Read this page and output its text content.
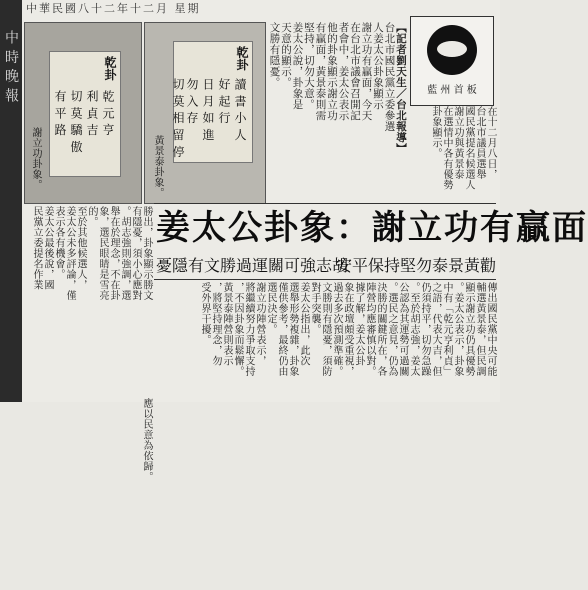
中 時 晚 報
中華民國八十二年十二月 星期
乾卦
乾 元 亨
利 貞 吉
切 莫 驕 傲
有 平 路
謝立功卦象。
乾卦
讀 書 小 人
好 起 行
日 月 如 進
勿 入 存
切 莫 相 留 停
黃景泰卦象。
【記者劉天生／台北報導】
台北市國民黨立委參選
人姜太公卦象顯示
謝立功有贏面，今天
在台北市議會召開記
者會中，姜太公表示
他的卦象顯示謝立功
有贏面，黃景泰則需
堅持，切勿大意。
姜太公說，卦象是
天意的顯示。
文勝有隱憂。
藍 州 首 板
在十二月八日，
台北市議員選舉
國民黨提名候選人
謝立功與黃景泰
在選情中各有優勢
卦象顯示。
姜太公卦象：謝立功有贏面
安平保持堅勿泰景黃勸
憂隱有文勝過運關可強志胡
傳出國民黨中央可能
輔選黃景泰，但民調
顯示謝立功仍具優勢
。姜太公表示，卦象
中有「乾元亨利貞」
之語，代表大吉，但
仍須持平，切勿急躁
。至於胡志強，姜太
公認為其運勢可過關
。選民之意見，仍為
決勝的關鍵所在，各
陣營均應審慎以對。
據了解，姜太公卦
象在政壇頗受重視，
過去多次預測準確。
文勝則有隱憂，須防
對手突襲。
姜太公指出，此次
選舉形勢複雜，卦象
僅供參考，最終仍由
選民決定。
謝立功陣營表示，
將繼續努力爭取支持
，不因卦象而鬆懈。
黃景泰陣營則表示
，將堅持理念，勿
受外界干擾。
勝出，卦象顯示勝文
有隱憂，須小心應對
。胡志強則強調，選
舉在於理念，不在卦
象，選民眼睛是雪亮
的。
至於其他候選人，
姜太公未多評論，僅
表示各有機會。
姜太公最後說，國
民黨立委提名作業
應以民意為依歸。
